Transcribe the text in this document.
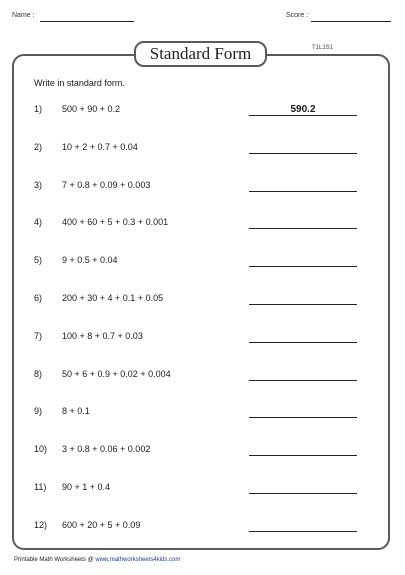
Name :	Score :
Standard Form	T1L1S1
Write in standard form.
1) 500 + 90 + 0.2	590.2
2) 10 + 2 + 0.7 + 0.04
3) 7 + 0.8 + 0.09 + 0.003
4) 400 + 60 + 5 + 0.3 + 0.001
5) 9 + 0.5 + 0.04
6) 200 + 30 + 4 + 0.1 + 0.05
7) 100 + 8 + 0.7 + 0.03
8) 50 + 6 + 0.9 + 0.02 + 0.004
9) 8 + 0.1
10) 3 + 0.8 + 0.06 + 0.002
11) 90 + 1 + 0.4
12) 600 + 20 + 5 + 0.09
Printable Math Worksheets @ www.mathworksheets4kids.com
